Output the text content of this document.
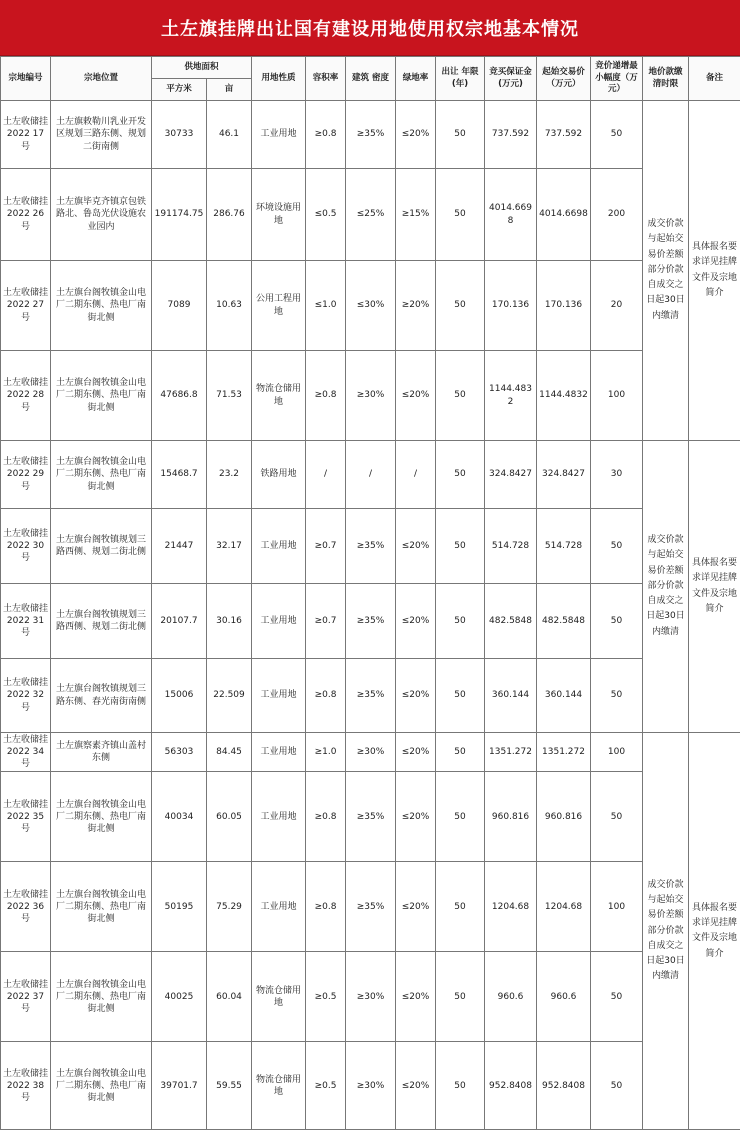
土左旗挂牌出让国有建设用地使用权宗地基本情况
宗地编号	宗地位置	供地面积		用地性质	容积率	建筑 密度	绿地率	出让 年限(年)	竞买保证金(万元)	起始交易价（万元）	竞价递增最小幅度（万元）	地价款缴清时限	备注
		平方米	亩										
土左收储挂 2022 17号	土左旗敕勒川乳业开发区规划三路东侧、规划二街南侧	30733	46.1	工业用地	≥0.8	≥35%	≤20%	50	737.592	737.592	50	成交价款与起始交易价差额部分价款自成交之日起30日内缴清	具体报名要求详见挂牌文件及宗地简介
土左收储挂 2022 26号	土左旗毕克齐镇京包铁路北、鲁岛光伏设施农业园内	191174.75	286.76	环境设施用地	≤0.5	≤25%	≥15%	50	4014.6698	4014.6698	200		
土左收储挂 2022 27号	土左旗台阁牧镇金山电厂二期东侧、热电厂南街北侧	7089	10.63	公用工程用地	≤1.0	≤30%	≥20%	50	170.136	170.136	20		
土左收储挂 2022 28号	土左旗台阁牧镇金山电厂二期东侧、热电厂南街北侧	47686.8	71.53	物流仓储用地	≥0.8	≥30%	≤20%	50	1144.4832	1144.4832	100		
土左收储挂 2022 29号	土左旗台阁牧镇金山电厂二期东侧、热电厂南街北侧	15468.7	23.2	铁路用地	/	/	/	50	324.8427	324.8427	30	成交价款与起始交易价差额部分价款自成交之日起30日内缴清	具体报名要求详见挂牌文件及宗地简介
土左收储挂 2022 30号	土左旗台阁牧镇规划三路西侧、规划二街北侧	21447	32.17	工业用地	≥0.7	≥35%	≤20%	50	514.728	514.728	50		
土左收储挂 2022 31号	土左旗台阁牧镇规划三路西侧、规划二街北侧	20107.7	30.16	工业用地	≥0.7	≥35%	≤20%	50	482.5848	482.5848	50		
土左收储挂 2022 32号	土左旗台阁牧镇规划三路东侧、春光南街南侧	15006	22.509	工业用地	≥0.8	≥35%	≤20%	50	360.144	360.144	50		
土左收储挂 2022 34号	土左旗察素齐镇山盖村东侧	56303	84.45	工业用地	≥1.0	≥30%	≤20%	50	1351.272	1351.272	100	成交价款与起始交易价差额部分价款自成交之日起30日内缴清	具体报名要求详见挂牌文件及宗地简介
土左收储挂 2022 35号	土左旗台阁牧镇金山电厂二期东侧、热电厂南街北侧	40034	60.05	工业用地	≥0.8	≥35%	≤20%	50	960.816	960.816	50		
土左收储挂 2022 36号	土左旗台阁牧镇金山电厂二期东侧、热电厂南街北侧	50195	75.29	工业用地	≥0.8	≥35%	≤20%	50	1204.68	1204.68	100		
土左收储挂 2022 37号	土左旗台阁牧镇金山电厂二期东侧、热电厂南街北侧	40025	60.04	物流仓储用地	≥0.5	≥30%	≤20%	50	960.6	960.6	50		
土左收储挂 2022 38号	土左旗台阁牧镇金山电厂二期东侧、热电厂南街北侧	39701.7	59.55	物流仓储用地	≥0.5	≥30%	≤20%	50	952.8408	952.8408	50		
